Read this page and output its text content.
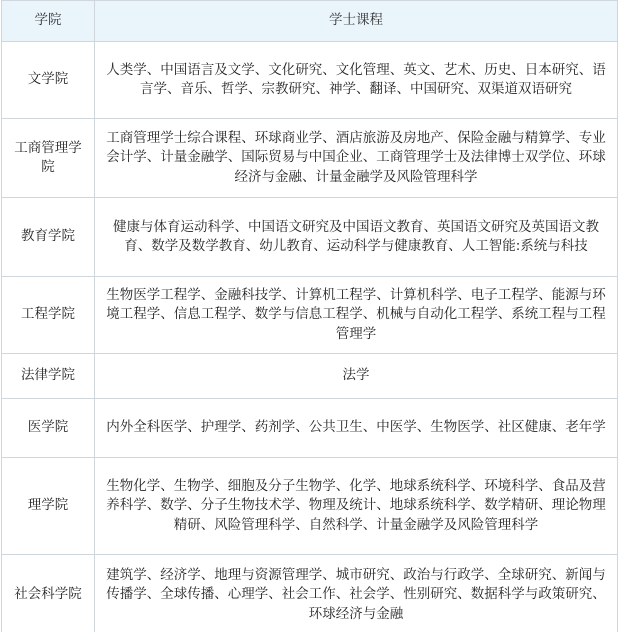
学院	学士课程
文学院	人类学、中国语言及文学、文化研究、文化管理、英文、艺术、历史、日本研究、语言学、音乐、哲学、宗教研究、神学、翻译、中国研究、双渠道双语研究
工商管理学院	工商管理学士综合课程、环球商业学、酒店旅游及房地产、保险金融与精算学、专业会计学、计量金融学、国际贸易与中国企业、工商管理学士及法律博士双学位、环球经济与金融、计量金融学及风险管理科学
教育学院	健康与体育运动科学、中国语文研究及中国语文教育、英国语文研究及英国语文教育、数学及数学教育、幼儿教育、运动科学与健康教育、人工智能:系统与科技
工程学院	生物医学工程学、金融科技学、计算机工程学、计算机科学、电子工程学、能源与环境工程学、信息工程学、数学与信息工程学、机械与自动化工程学、系统工程与工程管理学
法律学院	法学
医学院	内外全科医学、护理学、药剂学、公共卫生、中医学、生物医学、社区健康、老年学
理学院	生物化学、生物学、细胞及分子生物学、化学、地球系统科学、环境科学、食品及营养科学、数学、分子生物技术学、物理及统计、地球系统科学、数学精研、理论物理精研、风险管理科学、自然科学、计量金融学及风险管理科学
社会科学院	建筑学、经济学、地理与资源管理学、城市研究、政治与行政学、全球研究、新闻与传播学、全球传播、心理学、社会工作、社会学、性别研究、数据科学与政策研究、环球经济与金融
